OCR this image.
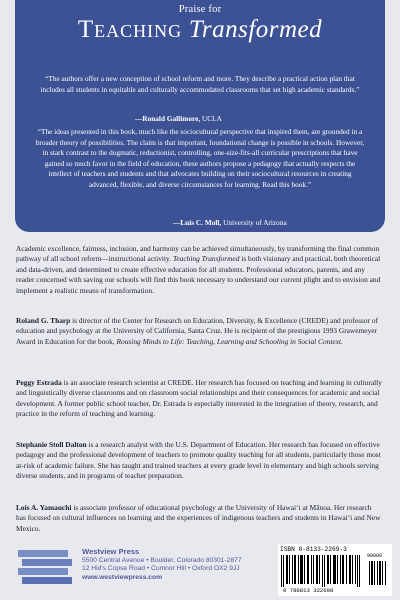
Praise for
Teaching Transformed
“The authors offer a new conception of school reform and more. They describe a practical action plan that includes all students in equitable and culturally accommodated classrooms that set high academic standards.”
—Ronald Gallimore, UCLA
“The ideas presented in this book, much like the sociocultural perspective that inspired them, are grounded in a broader theory of possibilities. The claim is that important, foundational change is possible in schools. However, in stark contrast to the dogmatic, reductionist, controlling, one-size-fits-all curricular prescriptions that have gained so much favor in the field of education, these authors propose a pedagogy that actually respects the intellect of teachers and students and that advocates building on their sociocultural resources in creating advanced, flexible, and diverse circumstances for learning. Read this book.”
—Luis C. Moll, University of Arizona

Academic excellence, fairness, inclusion, and harmony can be achieved simultaneously, by transforming the final common pathway of all school reform—instructional activity. Teaching Transformed is both visionary and practical, both theoretical and data-driven, and determined to create effective education for all students. Professional educators, parents, and any reader concerned with saving our schools will find this book necessary to understand our current plight and to envision and implement a realistic means of transformation.

Roland G. Tharp is director of the Center for Research on Education, Diversity, & Excellence (CREDE) and professor of education and psychology at the University of California, Santa Cruz. He is recipient of the prestigious 1993 Grawemeyer Award in Education for the book, Rousing Minds to Life: Teaching, Learning and Schooling in Social Context.

Peggy Estrada is an associate research scientist at CREDE. Her research has focused on teaching and learning in culturally and linguistically diverse classrooms and on classroom social relationships and their consequences for academic and social development. A former public school teacher, Dr. Estrada is especially interested in the integration of theory, research, and practice in the reform of teaching and learning.

Stephanie Stoll Dalton is a research analyst with the U.S. Department of Education. Her research has focused on effective pedagogy and the professional development of teachers to promote quality teaching for all students, particularly those most at-risk of academic failure. She has taught and trained teachers at every grade level in elementary and high schools serving diverse students, and in programs of teacher preparation.

Lois A. Yamauchi is associate professor of educational psychology at the University of Hawai‘i at Mānoa. Her research has focused on cultural influences on learning and the experiences of indigenous teachers and students in Hawai‘i and New Mexico.

Westview Press
5500 Central Avenue • Boulder, Colorado 80301-2877
12 Hid's Copse Road • Cumnor Hill • Oxford OX2 9JJ
www.westviewpress.com
ISBN 0-8133-2269-3
9 780813 322698
90000
